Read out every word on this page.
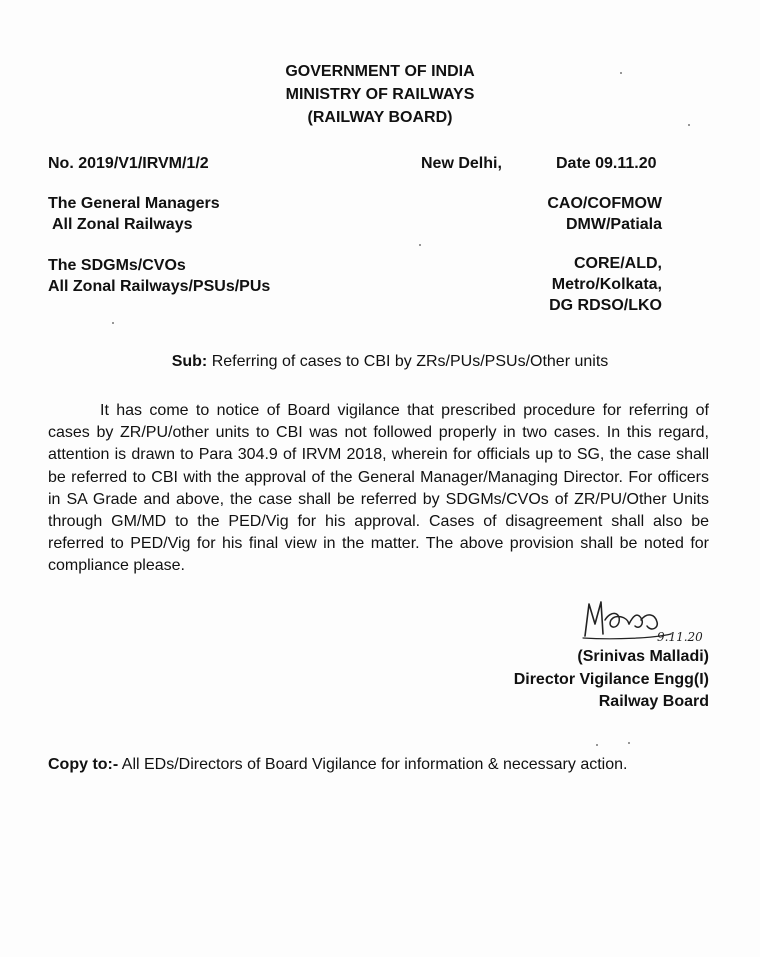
GOVERNMENT OF INDIA
MINISTRY OF RAILWAYS
(RAILWAY BOARD)
No. 2019/V1/IRVM/1/2	New Delhi,	Date 09.11.20
The General Managers
All Zonal Railways
CAO/COFMOW
DMW/Patiala
The SDGMs/CVOs
All Zonal Railways/PSUs/PUs
CORE/ALD,
Metro/Kolkata,
DG RDSO/LKO
Sub: Referring of cases to CBI by ZRs/PUs/PSUs/Other units
It has come to notice of Board vigilance that prescribed procedure for referring of cases by ZR/PU/other units to CBI was not followed properly in two cases. In this regard, attention is drawn to Para 304.9 of IRVM 2018, wherein for officials up to SG, the case shall be referred to CBI with the approval of the General Manager/Managing Director. For officers in SA Grade and above, the case shall be referred by SDGMs/CVOs of ZR/PU/Other Units through GM/MD to the PED/Vig for his approval. Cases of disagreement shall also be referred to PED/Vig for his final view in the matter. The above provision shall be noted for compliance please.
9.11.20
(Srinivas Malladi)
Director Vigilance Engg(I)
Railway Board
Copy to:- All EDs/Directors of Board Vigilance for information & necessary action.
